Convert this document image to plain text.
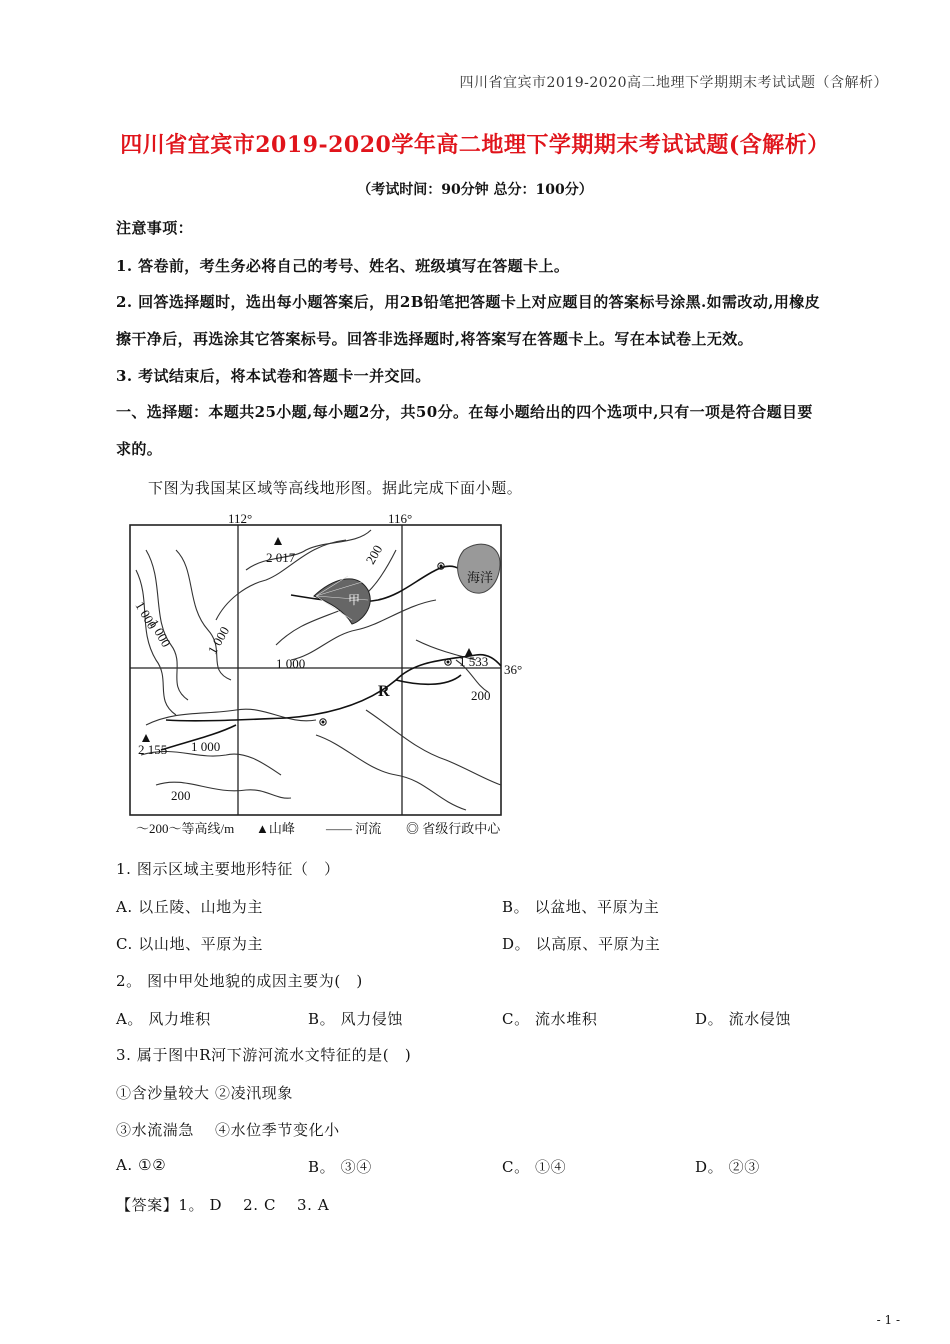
四川省宜宾市2019-2020高二地理下学期期末考试试题（含解析）
四川省宜宾市2019-2020学年高二地理下学期期末考试试题(含解析）
（考试时间：90分钟 总分：100分）
注意事项：
1. 答卷前，考生务必将自己的考号、姓名、班级填写在答题卡上。
2. 回答选择题时，选出每小题答案后，用2B铅笔把答题卡上对应题目的答案标号涂黑.如需改动,用橡皮
擦干净后，再选涂其它答案标号。回答非选择题时,将答案写在答题卡上。写在本试卷上无效。
3. 考试结束后，将本试卷和答题卡一并交回。
一、选择题：本题共25小题,每小题2分，共50分。在每小题给出的四个选项中,只有一项是符合题目要
求的。
下图为我国某区域等高线地形图。据此完成下面小题。
112°	116°
36°
2 017
1 533
2 155
1 000
1 000
1 000
1 000 1 000
200
200
200
甲
海洋
R
～200～等高线/m ▲山峰 —— 河流 ◎ 省级行政中心
1. 图示区域主要地形特征（　）
A. 以丘陵、山地为主	B。 以盆地、平原为主
C. 以山地、平原为主	D。 以高原、平原为主
2。 图中甲处地貌的成因主要为(　)
A。 风力堆积	B。 风力侵蚀	C。 流水堆积	D。 流水侵蚀
3. 属于图中R河下游河流水文特征的是(　)
①含沙量较大 ②凌汛现象
③水流湍急 　④水位季节变化小
A. ①②	B。 ③④	C。 ①④	D。 ②③
【答案】1。 D　 2. C　 3. A
- 1 -
